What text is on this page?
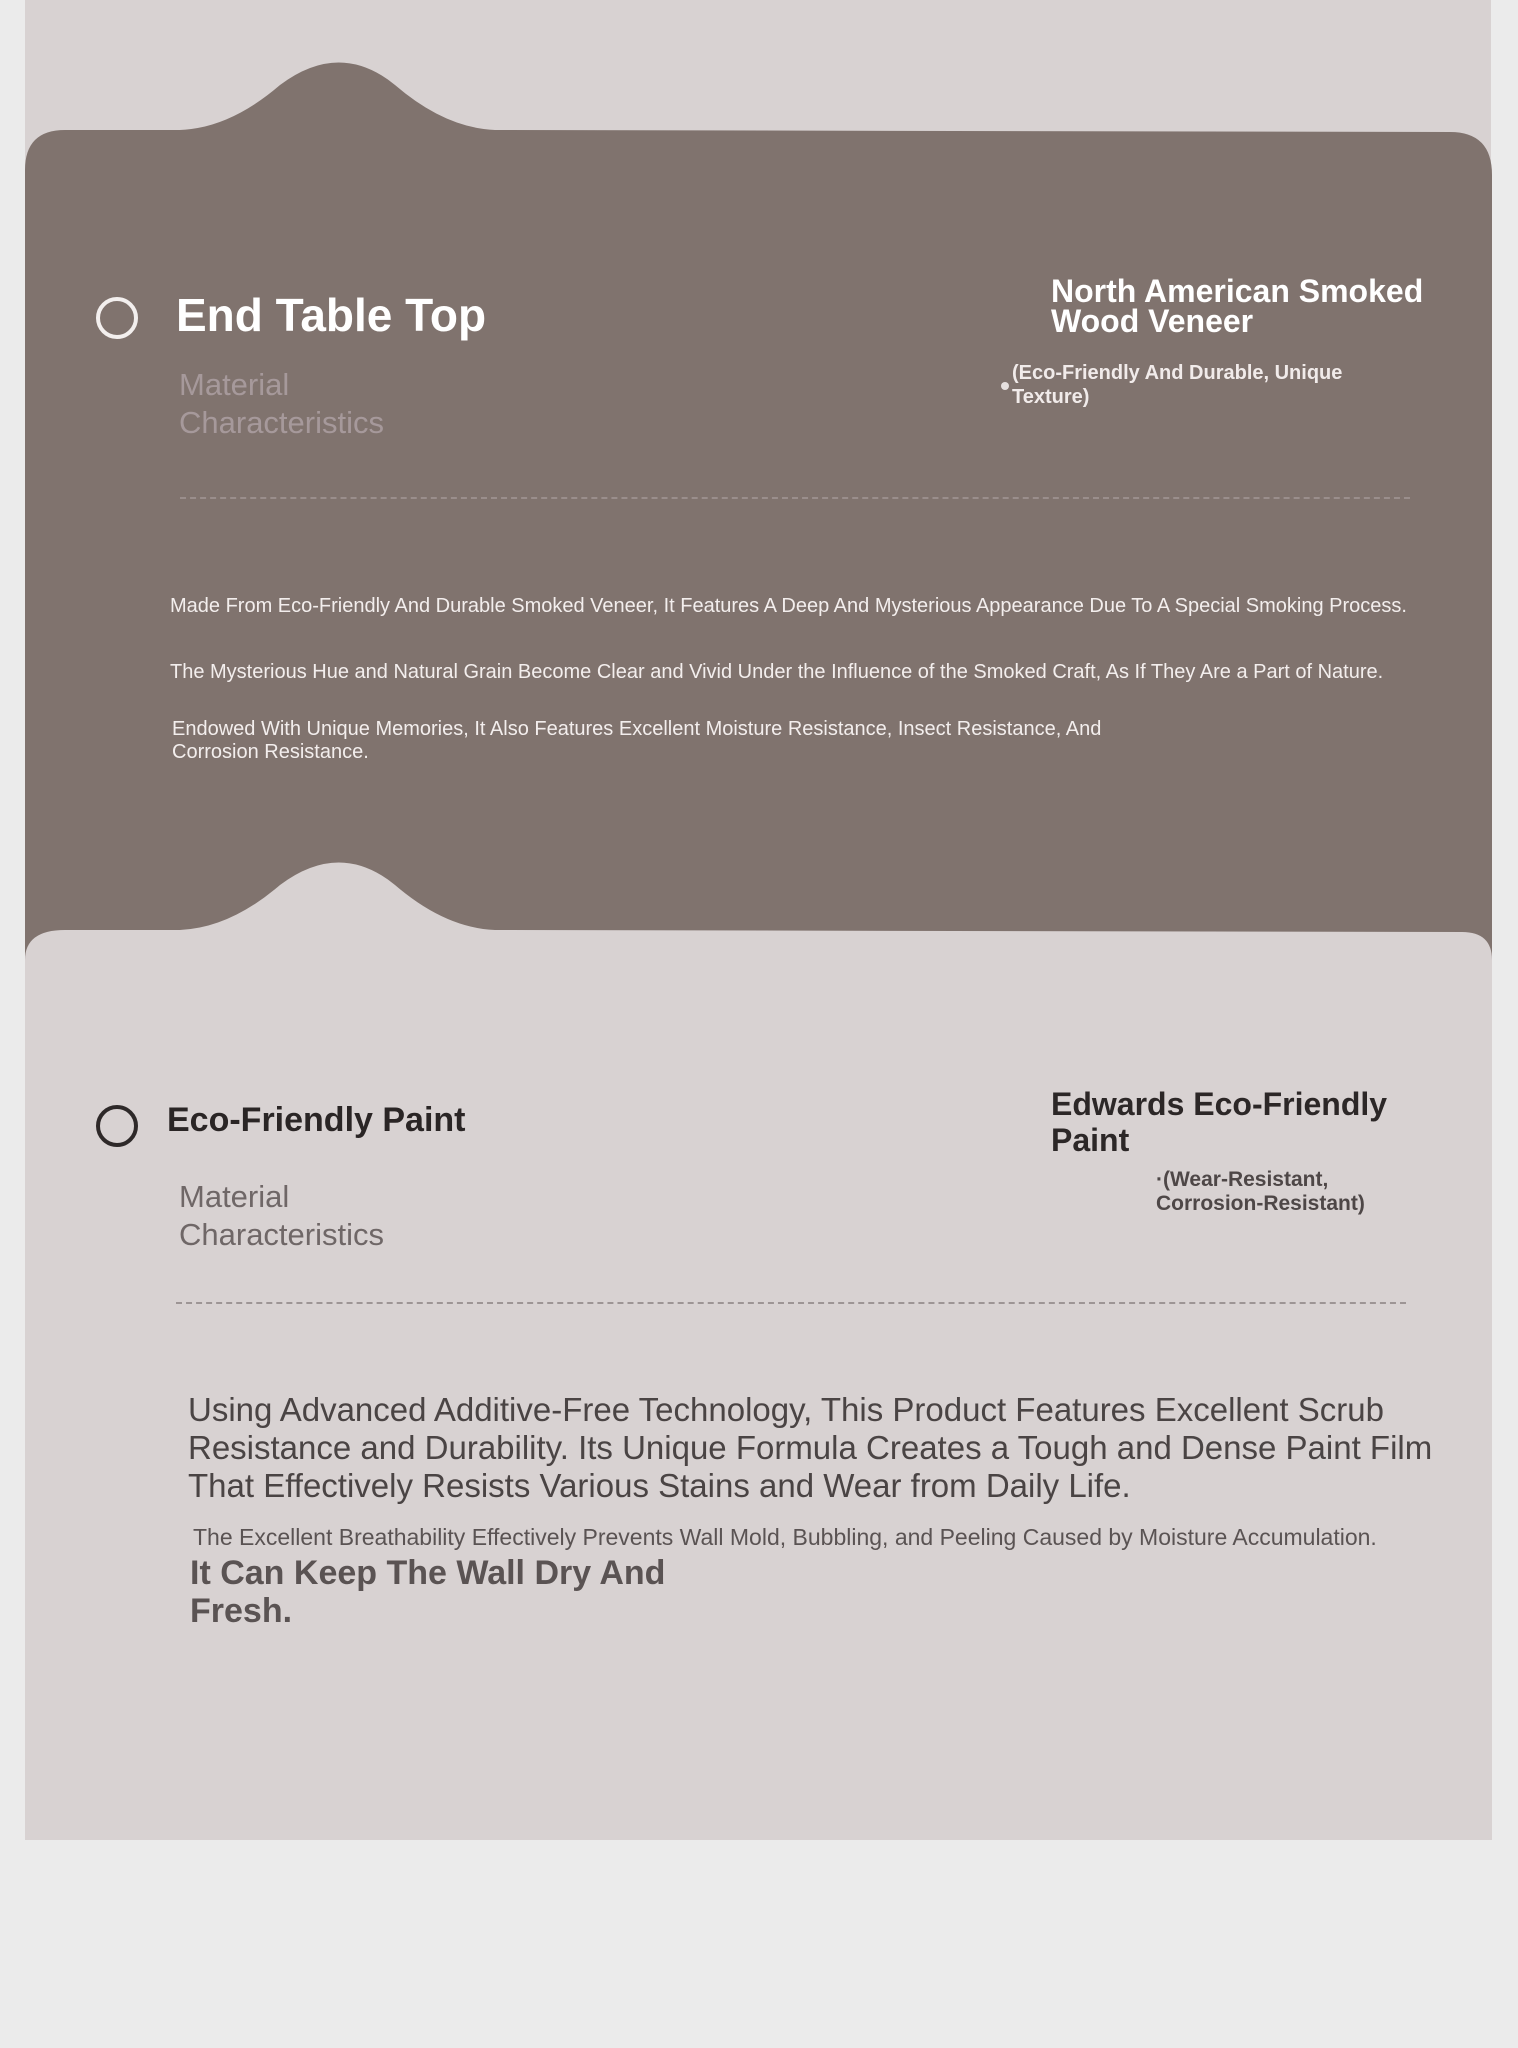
End Table Top
Material Characteristics
North American Smoked Wood Veneer
(Eco-Friendly And Durable, Unique Texture)

Made From Eco-Friendly And Durable Smoked Veneer, It Features A Deep And Mysterious Appearance Due To A Special Smoking Process.

The Mysterious Hue and Natural Grain Become Clear and Vivid Under the Influence of the Smoked Craft, As If They Are a Part of Nature.

Endowed With Unique Memories, It Also Features Excellent Moisture Resistance, Insect Resistance, And Corrosion Resistance.

Eco-Friendly Paint
Material Characteristics
Edwards Eco-Friendly Paint
·(Wear-Resistant, Corrosion-Resistant)

Using Advanced Additive-Free Technology, This Product Features Excellent Scrub Resistance and Durability. Its Unique Formula Creates a Tough and Dense Paint Film That Effectively Resists Various Stains and Wear from Daily Life.

The Excellent Breathability Effectively Prevents Wall Mold, Bubbling, and Peeling Caused by Moisture Accumulation.

It Can Keep The Wall Dry And Fresh.
